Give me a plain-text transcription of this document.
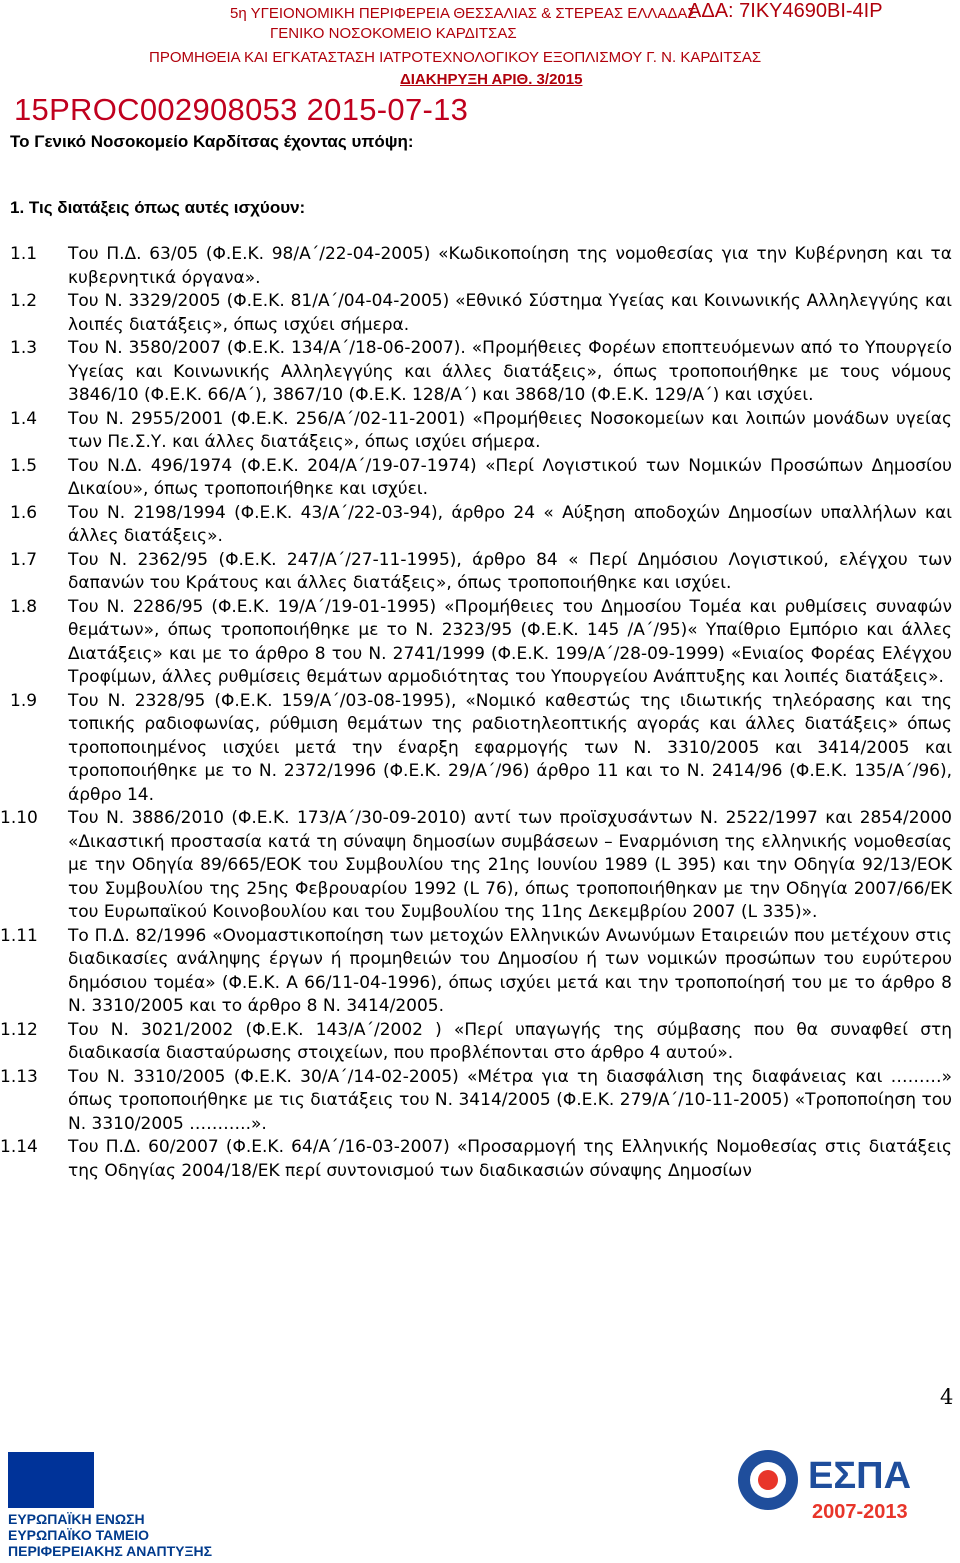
5η ΥΓΕΙΟΝΟΜΙΚΗ ΠΕΡΙΦΕΡΕΙΑ ΘΕΣΣΑΛΙΑΣ & ΣΤΕΡΕΑΣ ΕΛΛΑΔΑΣ
ΑΔΑ: 7ΙΚΥ4690ΒΙ-4ΙΡ
ΓΕΝΙΚΟ ΝΟΣΟΚΟΜΕΙΟ ΚΑΡΔΙΤΣΑΣ
ΠΡΟΜΗΘΕΙΑ ΚΑΙ ΕΓΚΑΤΑΣΤΑΣΗ ΙΑΤΡΟΤΕΧΝΟΛΟΓΙΚΟΥ ΕΞΟΠΛΙΣΜΟΥ Γ. Ν. ΚΑΡΔΙΤΣΑΣ
ΔΙΑΚΗΡΥΞΗ ΑΡΙΘ. 3/2015
15PROC002908053 2015-07-13
Το Γενικό Νοσοκομείο Καρδίτσας έχοντας υπόψη:
1. Τις διατάξεις όπως αυτές ισχύουν:
1.1 Του Π.Δ. 63/05 (Φ.Ε.Κ. 98/Α΄/22-04-2005) «Κωδικοποίηση της νομοθεσίας για την Κυβέρνηση και τα κυβερνητικά όργανα».
1.2 Του Ν. 3329/2005 (Φ.Ε.Κ. 81/Α΄/04-04-2005) «Εθνικό Σύστημα Υγείας και Κοινωνικής Αλληλεγγύης και λοιπές διατάξεις», όπως ισχύει σήμερα.
1.3 Του Ν. 3580/2007 (Φ.Ε.Κ. 134/Α΄/18-06-2007). «Προμήθειες Φορέων εποπτευόμενων από το Υπουργείο Υγείας και Κοινωνικής Αλληλεγγύης και άλλες διατάξεις», όπως τροποποιήθηκε με τους νόμους 3846/10 (Φ.Ε.Κ. 66/Α΄), 3867/10 (Φ.Ε.Κ. 128/Α΄) και 3868/10 (Φ.Ε.Κ. 129/Α΄) και ισχύει.
1.4 Του Ν. 2955/2001 (Φ.Ε.Κ. 256/Α΄/02-11-2001) «Προμήθειες Νοσοκομείων και λοιπών μονάδων υγείας των Πε.Σ.Υ. και άλλες διατάξεις», όπως ισχύει σήμερα.
1.5 Του Ν.Δ. 496/1974 (Φ.Ε.Κ. 204/Α΄/19-07-1974) «Περί Λογιστικού των Νομικών Προσώπων Δημοσίου Δικαίου», όπως τροποποιήθηκε και ισχύει.
1.6 Του Ν. 2198/1994 (Φ.Ε.Κ. 43/Α΄/22-03-94), άρθρο 24 « Αύξηση αποδοχών Δημοσίων υπαλλήλων και άλλες διατάξεις».
1.7 Του Ν. 2362/95 (Φ.Ε.Κ. 247/Α΄/27-11-1995), άρθρο 84 « Περί Δημόσιου Λογιστικού, ελέγχου των δαπανών του Κράτους και άλλες διατάξεις», όπως τροποποιήθηκε και ισχύει.
1.8 Του Ν. 2286/95 (Φ.Ε.Κ. 19/Α΄/19-01-1995) «Προμήθειες του Δημοσίου Τομέα και ρυθμίσεις συναφών θεμάτων», όπως τροποποιήθηκε με το Ν. 2323/95 (Φ.Ε.Κ. 145 /Α΄/95)« Υπαίθριο Εμπόριο και άλλες Διατάξεις» και με το άρθρο 8 του Ν. 2741/1999 (Φ.Ε.Κ. 199/Α΄/28-09-1999) «Ενιαίος Φορέας Ελέγχου Τροφίμων, άλλες ρυθμίσεις θεμάτων αρμοδιότητας του Υπουργείου Ανάπτυξης και λοιπές διατάξεις».
1.9 Του Ν. 2328/95 (Φ.Ε.Κ. 159/Α΄/03-08-1995), «Νομικό καθεστώς της ιδιωτικής τηλεόρασης και της τοπικής ραδιοφωνίας, ρύθμιση θεμάτων της ραδιοτηλεοπτικής αγοράς και άλλες διατάξεις» όπως τροποποιημένος ιισχύει μετά την έναρξη εφαρμογής των Ν. 3310/2005 και 3414/2005 και τροποποιήθηκε με το Ν. 2372/1996 (Φ.Ε.Κ. 29/Α΄/96) άρθρο 11 και το Ν. 2414/96 (Φ.Ε.Κ. 135/Α΄/96), άρθρο 14.
1.10 Του Ν. 3886/2010 (Φ.Ε.Κ. 173/Α΄/30-09-2010) αντί των προϊσχυσάντων Ν. 2522/1997 και 2854/2000 «Δικαστική προστασία κατά τη σύναψη δημοσίων συμβάσεων – Εναρμόνιση της ελληνικής νομοθεσίας με την Οδηγία 89/665/ΕΟΚ του Συμβουλίου της 21ης Ιουνίου 1989 (L 395) και την Οδηγία 92/13/ΕΟΚ του Συμβουλίου της 25ης Φεβρουαρίου 1992 (L 76), όπως τροποποιήθηκαν με την Οδηγία 2007/66/ΕΚ του Ευρωπαϊκού Κοινοβουλίου και του Συμβουλίου της 11ης Δεκεμβρίου 2007 (L 335)».
1.11 Το Π.Δ. 82/1996 «Ονομαστικοποίηση των μετοχών Ελληνικών Ανωνύμων Εταιρειών που μετέχουν στις διαδικασίες ανάληψης έργων ή προμηθειών του Δημοσίου ή των νομικών προσώπων του ευρύτερου δημόσιου τομέα» (Φ.Ε.Κ. Α 66/11-04-1996), όπως ισχύει μετά και την τροποποίησή του με το άρθρο 8 Ν. 3310/2005 και το άρθρο 8 Ν. 3414/2005.
1.12 Του Ν. 3021/2002 (Φ.Ε.Κ. 143/Α΄/2002 ) «Περί υπαγωγής της σύμβασης που θα συναφθεί στη διαδικασία διασταύρωσης στοιχείων, που προβλέπονται στο άρθρο 4 αυτού».
1.13 Του Ν. 3310/2005 (Φ.Ε.Κ. 30/Α΄/14-02-2005) «Μέτρα για τη διασφάλιση της διαφάνειας και ………» όπως τροποποιήθηκε με τις διατάξεις του Ν. 3414/2005 (Φ.Ε.Κ. 279/Α΄/10-11-2005) «Τροποποίηση του Ν. 3310/2005 ………..».
1.14 Του Π.Δ. 60/2007 (Φ.Ε.Κ. 64/Α΄/16-03-2007) «Προσαρμογή της Ελληνικής Νομοθεσίας στις διατάξεις της Οδηγίας 2004/18/ΕΚ περί συντονισμού των διαδικασιών σύναψης Δημοσίων
4
ΕΣΠΑ
2007-2013
ΕΥΡΩΠΑΪΚΗ ΕΝΩΣΗ
ΕΥΡΩΠΑΪΚΟ ΤΑΜΕΙΟ
ΠΕΡΙΦΕΡΕΙΑΚΗΣ ΑΝΑΠΤΥΞΗΣ
